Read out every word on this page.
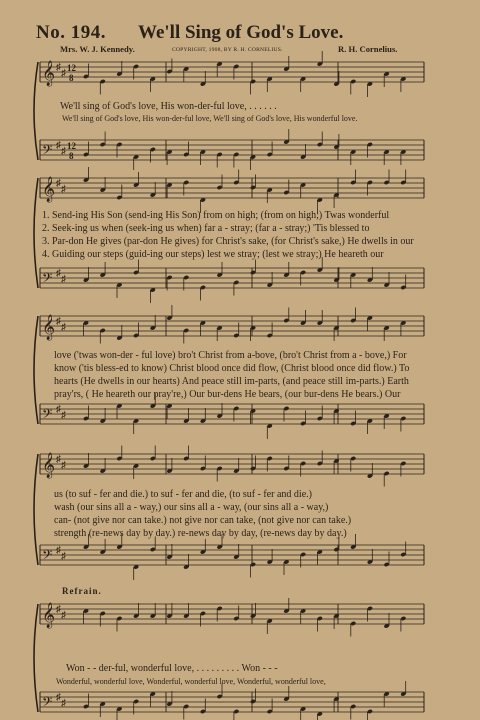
No. 194. We'll Sing of God's Love.
Mrs. W. J. Kennedy.	COPYRIGHT, 1908, BY R. H. CORNELIUS.	R. H. Cornelius.
♯
♯ 12
8
♯
♯ 12
8
𝄞
𝄢
♯
♯
♯
♯
𝄞
𝄢
♯
♯
♯
♯
𝄞
𝄢
♯
♯
♯
♯
𝄞
𝄢
♯
♯
♯
♯
𝄞
𝄢
We'll sing of God's love, His won-der-ful love, . . . . . .
We'll sing of God's love, His won-der-ful love, We'll sing of God's love, His wonderful love.
1. Send-ing His Son (send-ing His Son) from on high; (from on high;) Twas wonderful
2. Seek-ing us when (seek-ing us when) far a - stray; (far a - stray;) 'Tis blessed to
3. Par-don He gives (par-don He gives) for Christ's sake, (for Christ's sake,) He dwells in our
4. Guiding our steps (guid-ing our steps) lest we stray; (lest we stray;) He heareth our
love ('twas won-der - ful love) bro't Christ from a-bove, (bro't Christ from a - bove,) For
know ('tis bless-ed to know) Christ blood once did flow, (Christ blood once did flow.) To
hearts (He dwells in our hearts) And peace still im-parts, (and peace still im-parts.) Earth
pray'rs, ( He heareth our pray're,) Our bur-dens He bears, (our bur-dens He bears.) Our
us (to suf - fer and die.) to suf - fer and die, (to suf - fer and die.)
wash (our sins all a - way,) our sins all a - way, (our sins all a - way,)
can- (not give nor can take.) not give nor can take, (not give nor can take.)
strength (re-news day by day.) re-news day by day, (re-news day by day.)
Refrain.
Won - - der-ful, wonderful love, . . . . . . . . . Won - - -
Wonderful, wonderful love, Wonderful, wonderful love, Wonderful, wonderful love,
